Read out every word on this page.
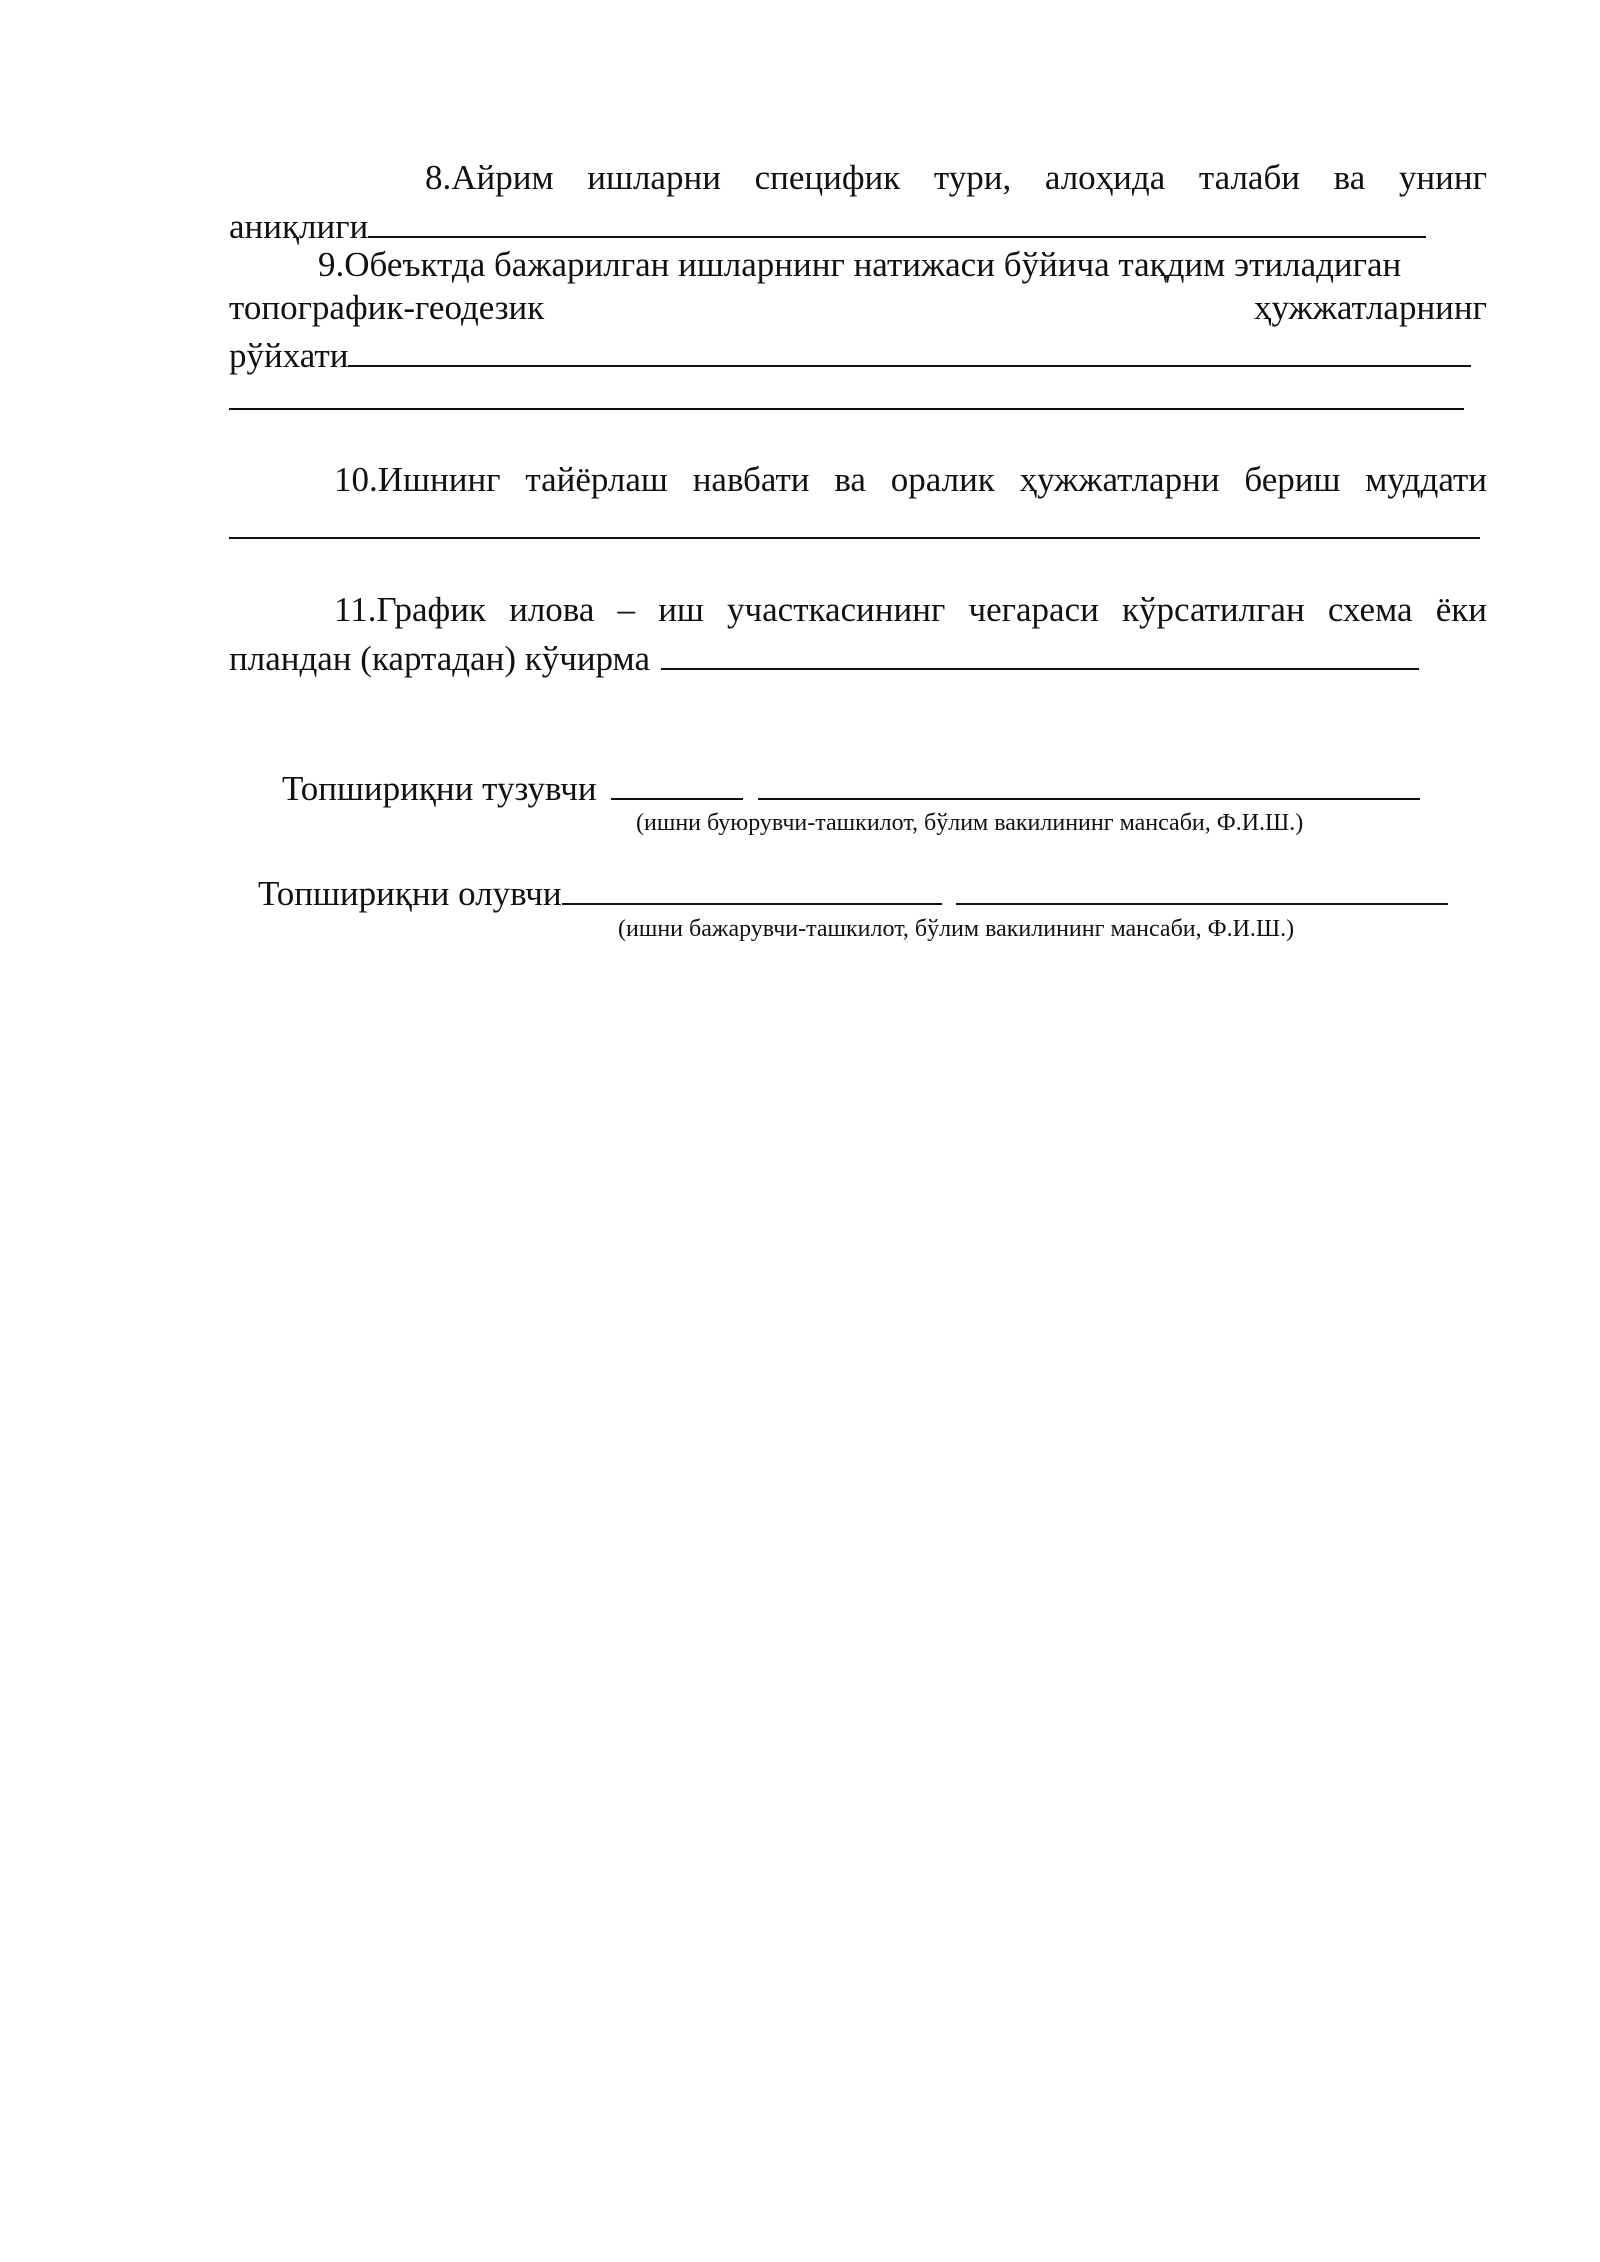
8.Айрим ишларни специфик тури, алоҳида талаби ва унинг
аниқлиги
9.Обеъктда бажарилган ишларнинг натижаси бўйича тақдим этиладиган
топографик-геодезик	ҳужжатларнинг
рўйхати
10.Ишнинг тайёрлаш навбати ва оралик ҳужжатларни бериш муддати
11.График илова – иш участкасининг чегараси кўрсатилган схема ёки
пландан (картадан) кўчирма
Топшириқни тузувчи
(ишни буюрувчи-ташкилот, бўлим вакилининг мансаби, Ф.И.Ш.)
Топшириқни олувчи
(ишни бажарувчи-ташкилот, бўлим вакилининг мансаби, Ф.И.Ш.)
